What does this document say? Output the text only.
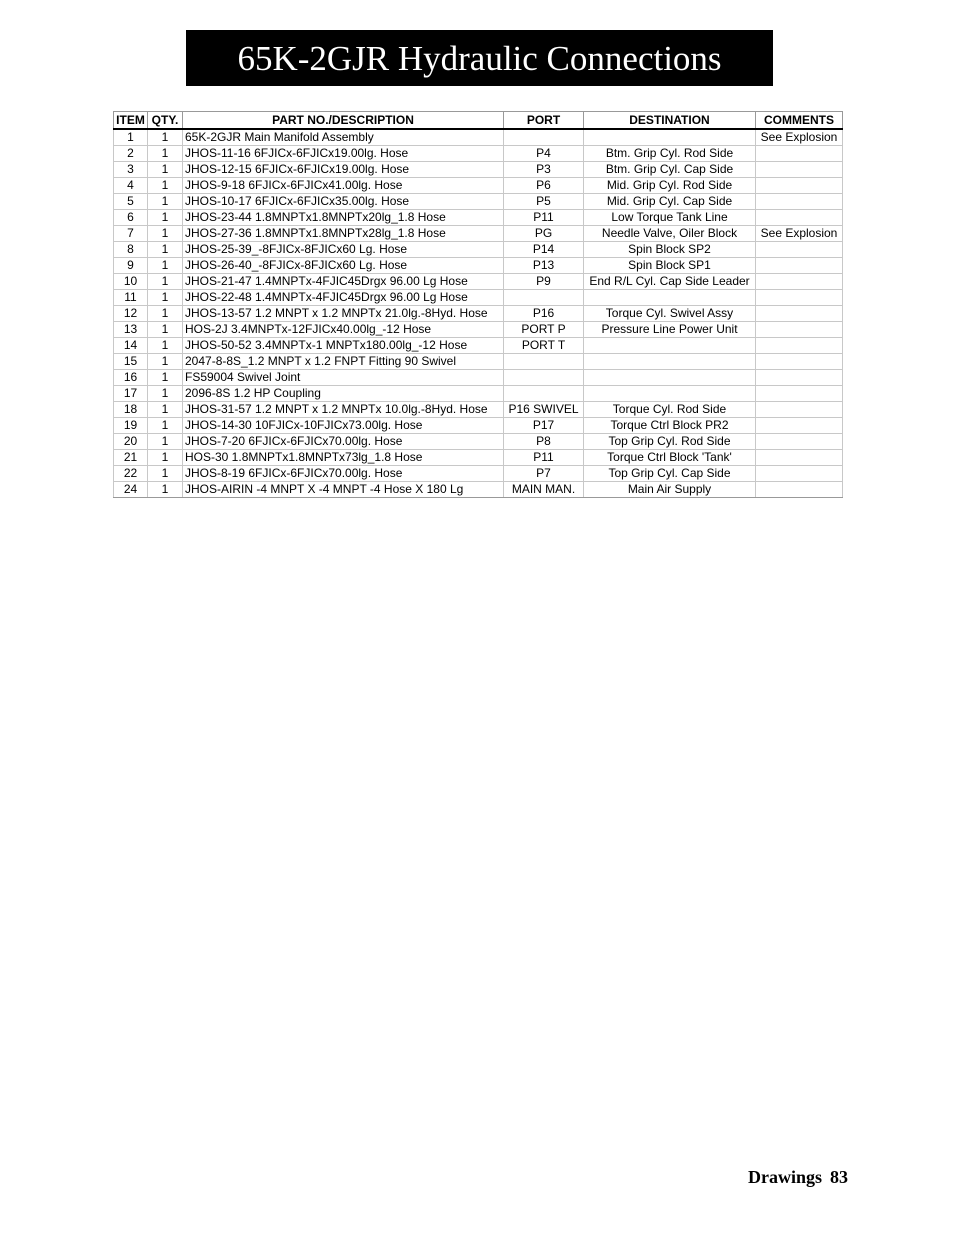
65K-2GJR Hydraulic Connections
ITEM	QTY.	PART NO./DESCRIPTION	PORT	DESTINATION	COMMENTS
1	1	65K-2GJR Main Manifold Assembly			See Explosion
2	1	JHOS-11-16 6FJICx-6FJICx19.00lg. Hose	P4	Btm. Grip Cyl. Rod Side	
3	1	JHOS-12-15 6FJICx-6FJICx19.00lg. Hose	P3	Btm. Grip Cyl. Cap Side	
4	1	JHOS-9-18 6FJICx-6FJICx41.00lg. Hose	P6	Mid. Grip Cyl. Rod Side	
5	1	JHOS-10-17 6FJICx-6FJICx35.00lg. Hose	P5	Mid. Grip Cyl. Cap Side	
6	1	JHOS-23-44 1.8MNPTx1.8MNPTx20lg_1.8 Hose	P11	Low Torque Tank Line	
7	1	JHOS-27-36 1.8MNPTx1.8MNPTx28lg_1.8 Hose	PG	Needle Valve, Oiler Block	See Explosion
8	1	JHOS-25-39_-8FJICx-8FJICx60 Lg. Hose	P14	Spin Block SP2	
9	1	JHOS-26-40_-8FJICx-8FJICx60 Lg. Hose	P13	Spin Block SP1	
10	1	JHOS-21-47 1.4MNPTx-4FJIC45Drgx 96.00 Lg Hose	P9	End R/L Cyl. Cap Side Leader	
11	1	JHOS-22-48 1.4MNPTx-4FJIC45Drgx 96.00 Lg Hose			
12	1	JHOS-13-57 1.2 MNPT x 1.2 MNPTx 21.0lg.-8Hyd. Hose	P16	Torque Cyl. Swivel Assy	
13	1	HOS-2J 3.4MNPTx-12FJICx40.00lg_-12 Hose	PORT P	Pressure Line Power Unit	
14	1	JHOS-50-52 3.4MNPTx-1 MNPTx180.00lg_-12 Hose	PORT T		
15	1	2047-8-8S_1.2 MNPT x 1.2 FNPT Fitting 90 Swivel			
16	1	FS59004 Swivel Joint			
17	1	2096-8S 1.2 HP Coupling			
18	1	JHOS-31-57 1.2 MNPT x 1.2 MNPTx 10.0lg.-8Hyd. Hose	P16 SWIVEL	Torque Cyl. Rod Side	
19	1	JHOS-14-30 10FJICx-10FJICx73.00lg. Hose	P17	Torque Ctrl Block PR2	
20	1	JHOS-7-20 6FJICx-6FJICx70.00lg. Hose	P8	Top Grip Cyl. Rod Side	
21	1	HOS-30 1.8MNPTx1.8MNPTx73lg_1.8 Hose	P11	Torque Ctrl Block 'Tank'	
22	1	JHOS-8-19 6FJICx-6FJICx70.00lg. Hose	P7	Top Grip Cyl. Cap Side	
24	1	JHOS-AIRIN -4 MNPT X -4 MNPT -4 Hose X 180 Lg	MAIN MAN.	Main Air Supply	
Drawings 83
